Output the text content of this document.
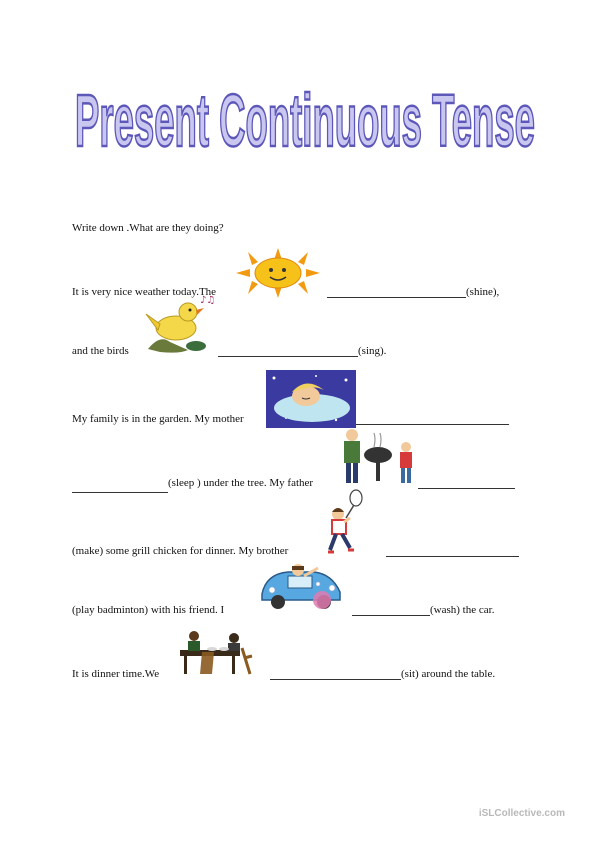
Present Continuous Tense
Write down .What are they doing?
It is very nice weather today.The	(shine),
and the birds	(sing).
♪♫
My family is in the garden. My mother
(sleep ) under the tree. My father
(make) some grill chicken for dinner. My brother
(play badminton) with his friend. I	(wash) the car.
It is dinner time.We	(sit) around the table.
iSLCollective.com
